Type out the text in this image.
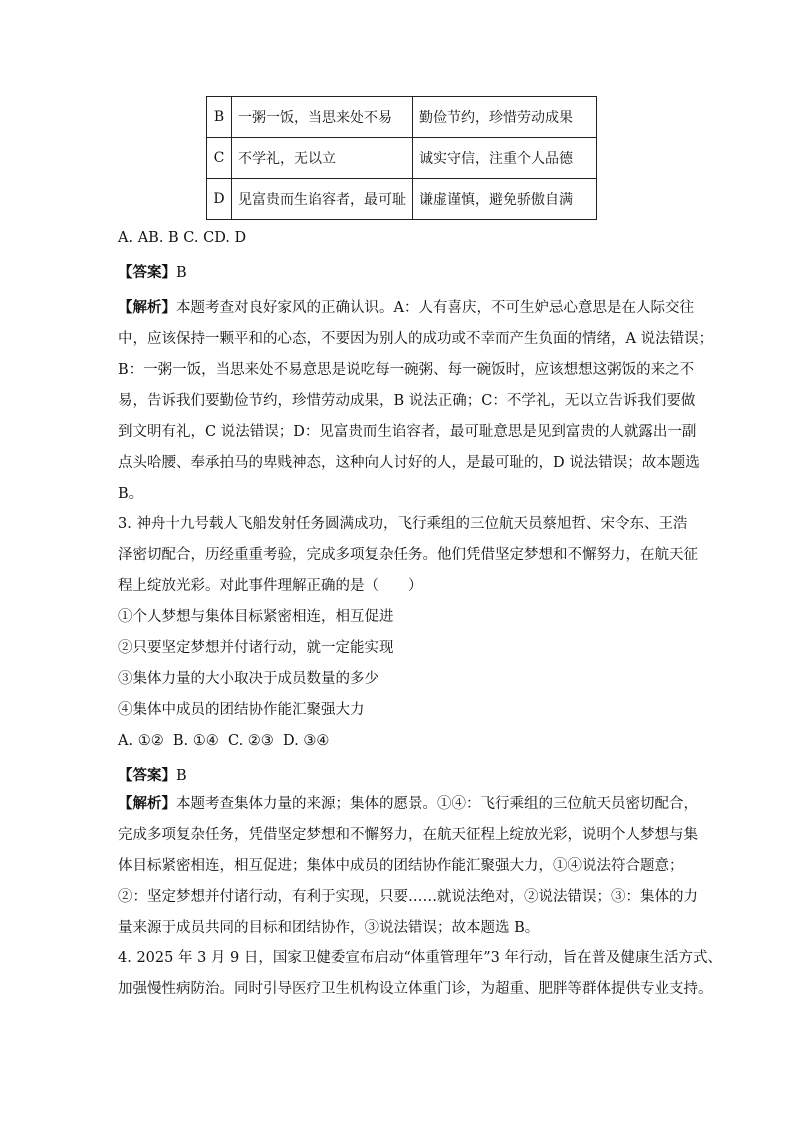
B	一粥一饭，当思来处不易	勤俭节约，珍惜劳动成果
C	不学礼，无以立	诚实守信，注重个人品德
D	见富贵而生谄容者，最可耻	谦虚谨慎，避免骄傲自满
A. AB. B C. CD. D
【答案】B
【解析】本题考查对良好家风的正确认识。A：人有喜庆，不可生妒忌心意思是在人际交往
中，应该保持一颗平和的心态，不要因为别人的成功或不幸而产生负面的情绪，A 说法错误；
B：一粥一饭，当思来处不易意思是说吃每一碗粥、每一碗饭时，应该想想这粥饭的来之不
易，告诉我们要勤俭节约，珍惜劳动成果，B 说法正确；C：不学礼，无以立告诉我们要做
到文明有礼，C 说法错误；D：见富贵而生谄容者，最可耻意思是见到富贵的人就露出一副
点头哈腰、奉承拍马的卑贱神态，这种向人讨好的人，是最可耻的，D 说法错误；故本题选
B。
3. 神舟十九号载人飞船发射任务圆满成功，飞行乘组的三位航天员蔡旭哲、宋令东、王浩
泽密切配合，历经重重考验，完成多项复杂任务。他们凭借坚定梦想和不懈努力，在航天征
程上绽放光彩。对此事件理解正确的是（　　）
①个人梦想与集体目标紧密相连，相互促进
②只要坚定梦想并付诸行动，就一定能实现
③集体力量的大小取决于成员数量的多少
④集体中成员的团结协作能汇聚强大力
A. ①②  B. ①④  C. ②③  D. ③④
【答案】B
【解析】本题考查集体力量的来源；集体的愿景。①④：飞行乘组的三位航天员密切配合，
完成多项复杂任务，凭借坚定梦想和不懈努力，在航天征程上绽放光彩，说明个人梦想与集
体目标紧密相连，相互促进；集体中成员的团结协作能汇聚强大力，①④说法符合题意；
②：坚定梦想并付诸行动，有利于实现，只要……就说法绝对，②说法错误；③：集体的力
量来源于成员共同的目标和团结协作，③说法错误；故本题选 B。
4. 2025 年 3 月 9 日，国家卫健委宣布启动“体重管理年”3 年行动，旨在普及健康生活方式、
加强慢性病防治。同时引导医疗卫生机构设立体重门诊，为超重、肥胖等群体提供专业支持。
